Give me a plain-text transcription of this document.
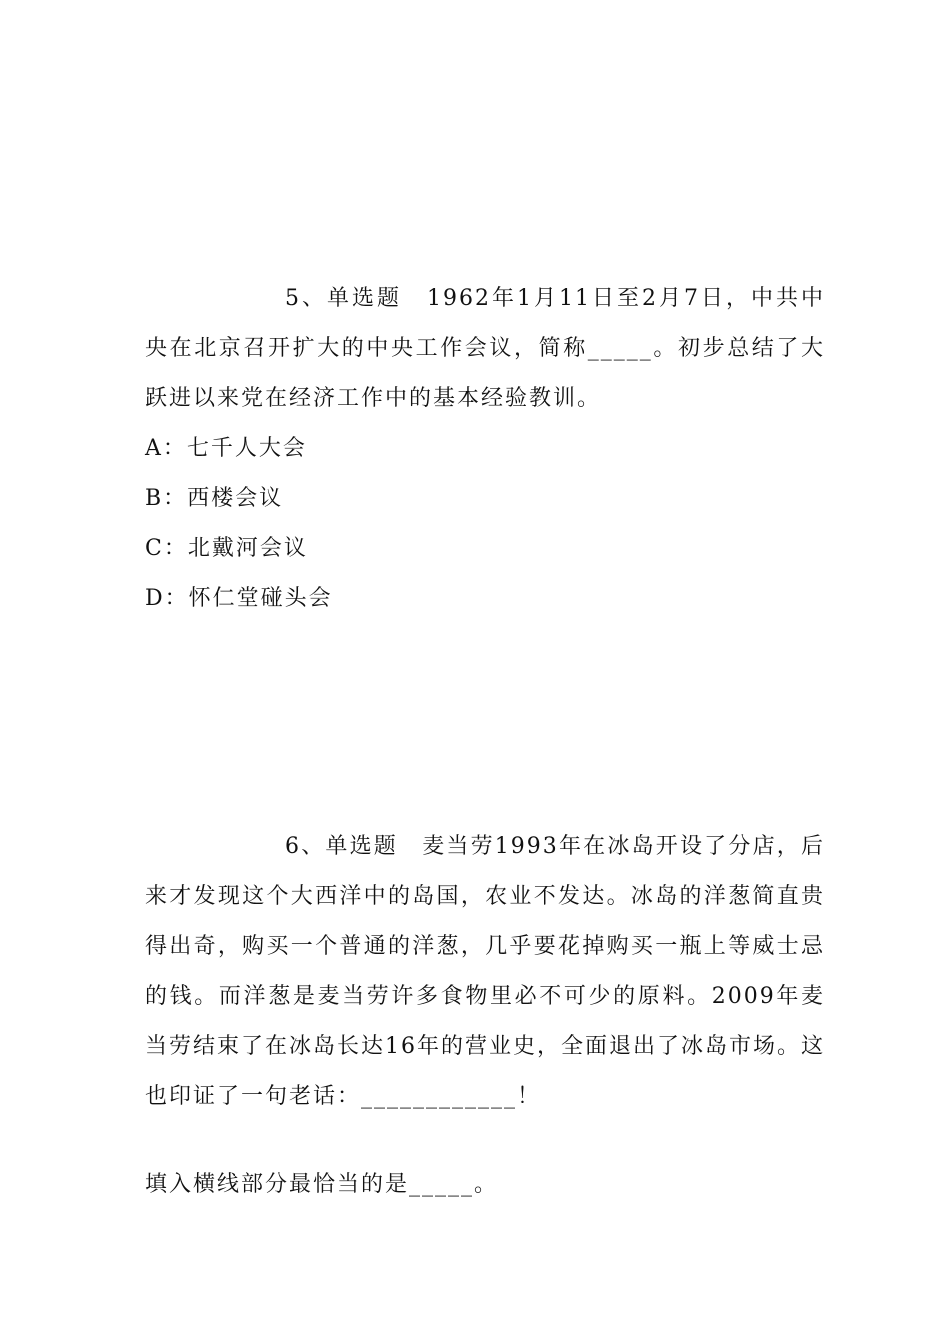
5、单选题　1962年1月11日至2月7日，中共中央在北京召开扩大的中央工作会议，简称_____。初步总结了大跃进以来党在经济工作中的基本经验教训。

A：七千人大会

B：西楼会议

C：北戴河会议

D：怀仁堂碰头会

6、单选题　麦当劳1993年在冰岛开设了分店，后来才发现这个大西洋中的岛国，农业不发达。冰岛的洋葱简直贵得出奇，购买一个普通的洋葱，几乎要花掉购买一瓶上等威士忌的钱。而洋葱是麦当劳许多食物里必不可少的原料。2009年麦当劳结束了在冰岛长达16年的营业史，全面退出了冰岛市场。这也印证了一句老话：____________！

填入横线部分最恰当的是_____。
